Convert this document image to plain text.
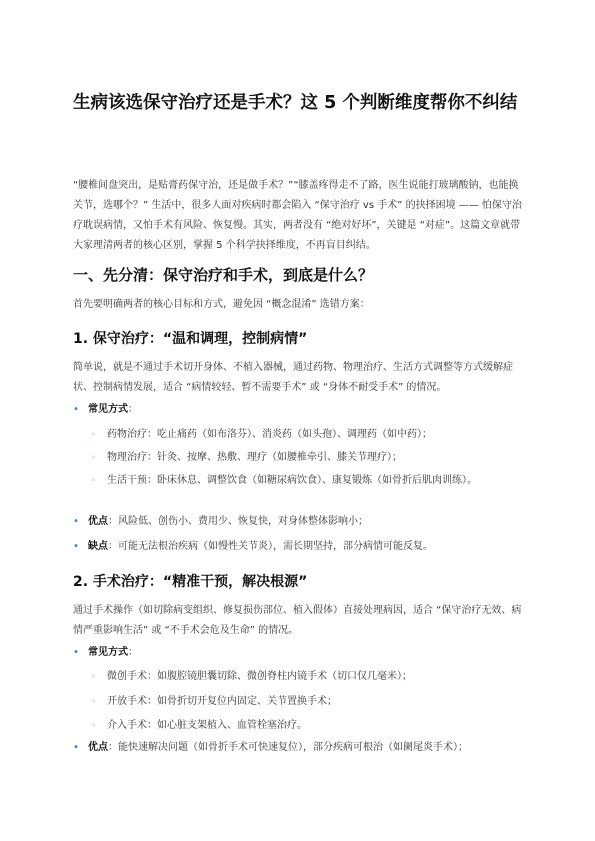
生病该选保守治疗还是手术？这 5 个判断维度帮你不纠结

“腰椎间盘突出，是贴膏药保守治，还是做手术？”“膝盖疼得走不了路，医生说能打玻璃酸钠，也能换关节，选哪个？” 生活中，很多人面对疾病时都会陷入 “保守治疗 vs 手术” 的抉择困境 —— 怕保守治疗耽误病情，又怕手术有风险、恢复慢。其实，两者没有 “绝对好坏”，关键是 “对症”。这篇文章就带大家理清两者的核心区别，掌握 5 个科学抉择维度，不再盲目纠结。

一、先分清：保守治疗和手术，到底是什么？

首先要明确两者的核心目标和方式，避免因 “概念混淆” 选错方案：

1. 保守治疗：“温和调理，控制病情”

简单说，就是不通过手术切开身体、不植入器械，通过药物、物理治疗、生活方式调整等方式缓解症状、控制病情发展，适合 “病情较轻、暂不需要手术” 或 “身体不耐受手术” 的情况。

• 常见方式：
◦ 药物治疗：吃止痛药（如布洛芬）、消炎药（如头孢）、调理药（如中药）；
◦ 物理治疗：针灸、按摩、热敷、理疗（如腰椎牵引、膝关节理疗）；
◦ 生活干预：卧床休息、调整饮食（如糖尿病饮食）、康复锻炼（如骨折后肌肉训练）。
• 优点：风险低、创伤小、费用少、恢复快，对身体整体影响小；
• 缺点：可能无法根治疾病（如慢性关节炎），需长期坚持，部分病情可能反复。
2. 手术治疗：“精准干预，解决根源”

通过手术操作（如切除病变组织、修复损伤部位、植入假体）直接处理病因，适合 “保守治疗无效、病情严重影响生活” 或 “不手术会危及生命” 的情况。

• 常见方式：
◦ 微创手术：如腹腔镜胆囊切除、微创脊柱内镜手术（切口仅几毫米）；
◦ 开放手术：如骨折切开复位内固定、关节置换手术；
◦ 介入手术：如心脏支架植入、血管栓塞治疗。
• 优点：能快速解决问题（如骨折手术可快速复位），部分疾病可根治（如阑尾炎手术）；
